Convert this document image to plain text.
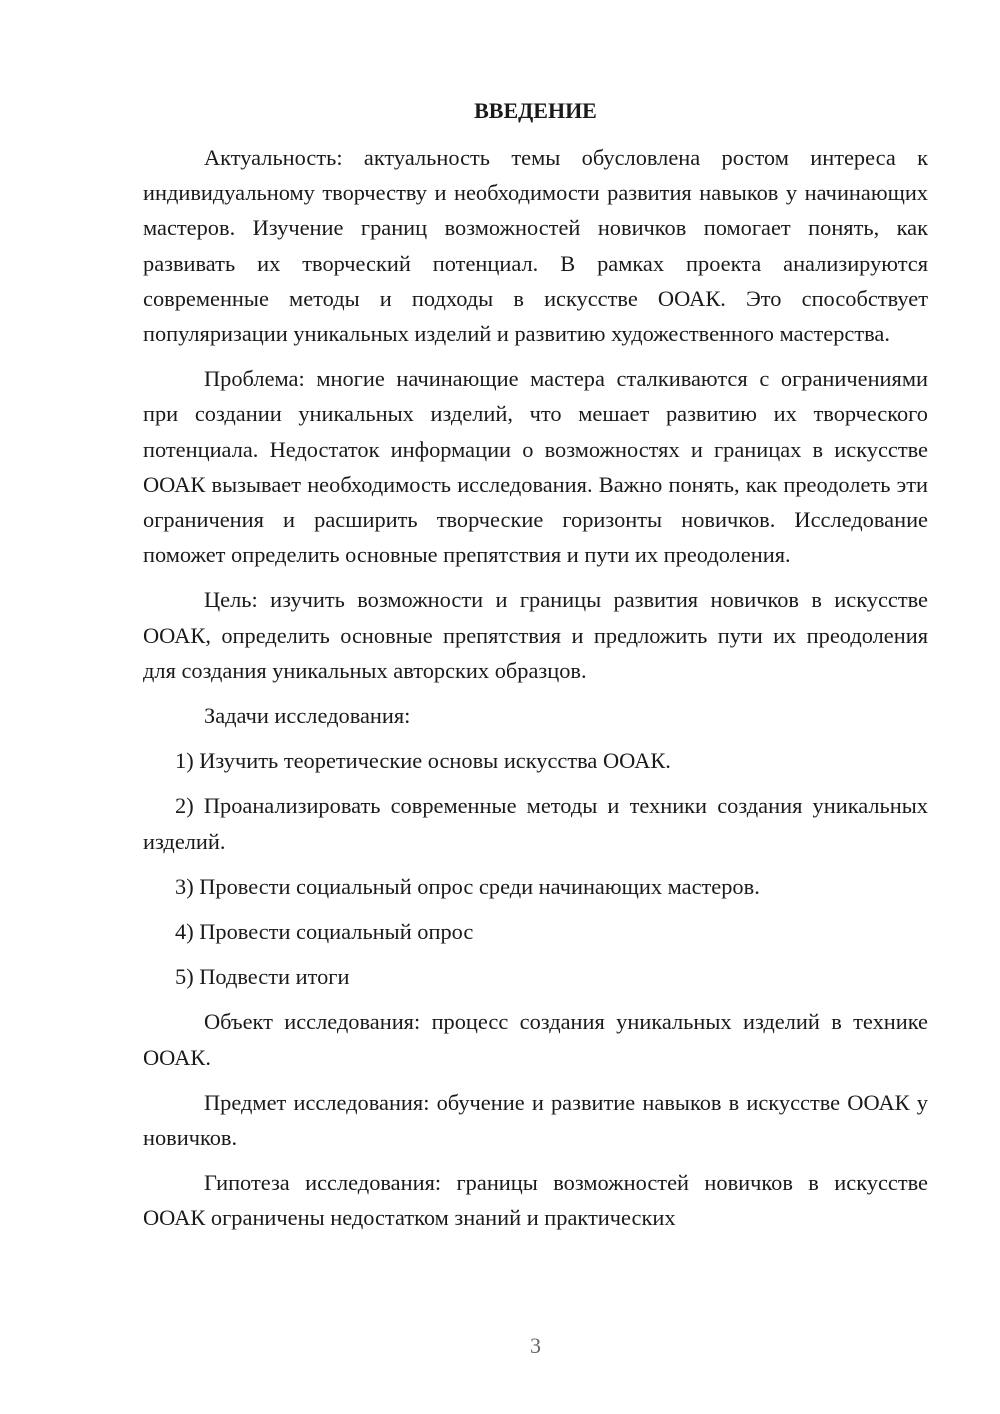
ВВЕДЕНИЕ

Актуальность: актуальность темы обусловлена ростом интереса к индивидуальному творчеству и необходимости развития навыков у начинающих мастеров. Изучение границ возможностей новичков помогает понять, как развивать их творческий потенциал. В рамках проекта анализируются современные методы и подходы в искусстве ООАК. Это способствует популяризации уникальных изделий и развитию художественного мастерства.

Проблема: многие начинающие мастера сталкиваются с ограничениями при создании уникальных изделий, что мешает развитию их творческого потенциала. Недостаток информации о возможностях и границах в искусстве ООАК вызывает необходимость исследования. Важно понять, как преодолеть эти ограничения и расширить творческие горизонты новичков. Исследование поможет определить основные препятствия и пути их преодоления.

Цель: изучить возможности и границы развития новичков в искусстве ООАК, определить основные препятствия и предложить пути их преодоления для создания уникальных авторских образцов.

Задачи исследования:

1) Изучить теоретические основы искусства ООАК.

2) Проанализировать современные методы и техники создания уникальных изделий.

3) Провести социальный опрос среди начинающих мастеров.

4) Провести социальный опрос

5) Подвести итоги

Объект исследования: процесс создания уникальных изделий в технике ООАК.

Предмет исследования: обучение и развитие навыков в искусстве ООАК у новичков.

Гипотеза исследования: границы возможностей новичков в искусстве ООАК ограничены недостатком знаний и практических

3
